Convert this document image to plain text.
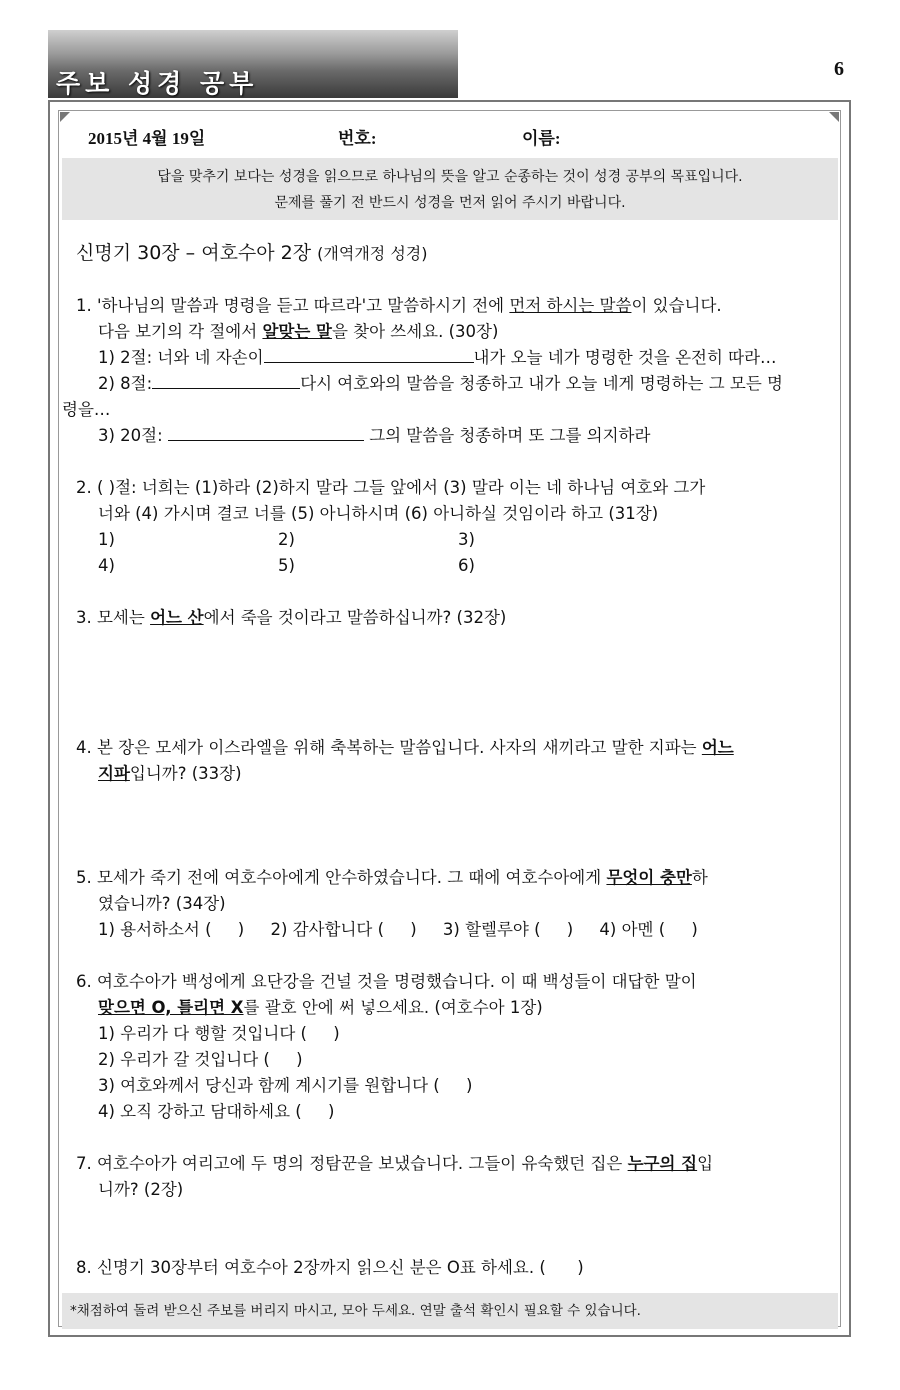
주보 성경 공부	6
2015년 4월 19일	번호:	이름:
답을 맞추기 보다는 성경을 읽으므로 하나님의 뜻을 알고 순종하는 것이 성경 공부의 목표입니다.
문제를 풀기 전 반드시 성경을 먼저 읽어 주시기 바랍니다.
신명기 30장 – 여호수아 2장 (개역개정 성경)
1. '하나님의 말씀과 명령을 듣고 따르라'고 말씀하시기 전에 먼저 하시는 말씀이 있습니다.
다음 보기의 각 절에서 알맞는 말을 찾아 쓰세요. (30장)
1) 2절: 너와 네 자손이	내가 오늘 네가 명령한 것을 온전히 따라…
2) 8절:	다시 여호와의 말씀을 청종하고 내가 오늘 네게 명령하는 그 모든 명
령을…
3) 20절:	그의 말씀을 청종하며 또 그를 의지하라
2. ( )절: 너희는 (1)하라 (2)하지 말라 그들 앞에서 (3) 말라 이는 네 하나님 여호와 그가
너와 (4) 가시며 결코 너를 (5) 아니하시며 (6) 아니하실 것임이라 하고 (31장)
1)	2)	3)
4)	5)	6)
3. 모세는 어느 산에서 죽을 것이라고 말씀하십니까? (32장)
4. 본 장은 모세가 이스라엘을 위해 축복하는 말씀입니다. 사자의 새끼라고 말한 지파는 어느
지파입니까? (33장)
5. 모세가 죽기 전에 여호수아에게 안수하였습니다. 그 때에 여호수아에게 무엇이 충만하
였습니까? (34장)
1) 용서하소서 (     )     2) 감사합니다 (     )     3) 할렐루야 (     )     4) 아멘 (     )
6. 여호수아가 백성에게 요단강을 건널 것을 명령했습니다. 이 때 백성들이 대답한 말이
맞으면 O, 틀리면 X를 괄호 안에 써 넣으세요. (여호수아 1장)
1) 우리가 다 행할 것입니다 (     )
2) 우리가 갈 것입니다 (     )
3) 여호와께서 당신과 함께 계시기를 원합니다 (     )
4) 오직 강하고 담대하세요 (     )
7. 여호수아가 여리고에 두 명의 정탐꾼을 보냈습니다. 그들이 유숙했던 집은 누구의 집입
니까? (2장)
8. 신명기 30장부터 여호수아 2장까지 읽으신 분은 O표 하세요. (      )
*채점하여 돌려 받으신 주보를 버리지 마시고, 모아 두세요. 연말 출석 확인시 필요할 수 있습니다.
